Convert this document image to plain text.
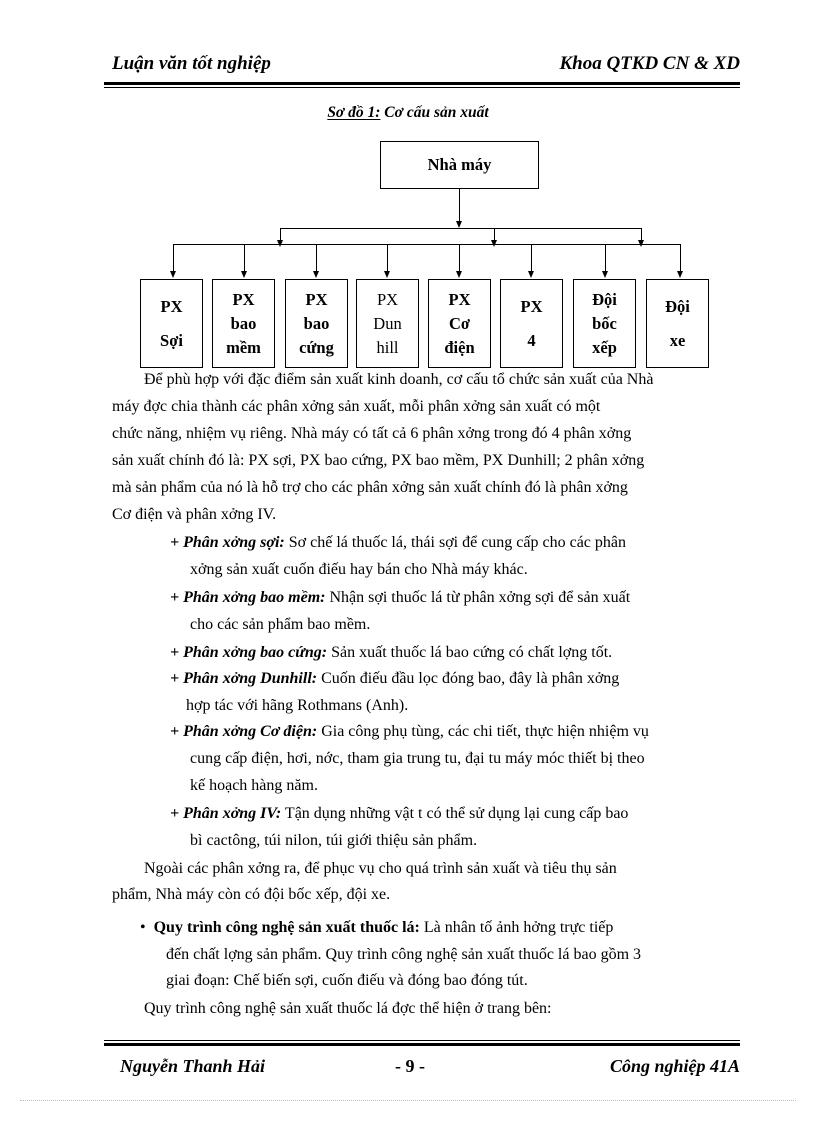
Luận văn tốt nghiệp	Khoa QTKD CN & XD
Sơ đồ 1: Cơ cấu sản xuất
Nhà máy
PX
Sợi
PX
bao
mềm
PX
bao
cứng
PX
Dun
hill
PX
Cơ
điện
PX
4
Đội
bốc
xếp
Đội
xe
Để phù hợp với đặc điểm sản xuất kinh doanh, cơ cấu tổ chức sản xuất của Nhà
máy đợc chia thành các phân xởng sản xuất, mỗi phân xởng sản xuất có một
chức năng, nhiệm vụ riêng. Nhà máy có tất cả 6 phân xởng trong đó 4 phân xởng
sản xuất chính đó là: PX sợi, PX bao cứng, PX bao mềm, PX Dunhill; 2 phân xởng
mà sản phẩm của nó là hỗ trợ cho các phân xởng sản xuất chính đó là phân xởng
Cơ điện và phân xởng IV.
+ Phân xởng sợi: Sơ chế lá thuốc lá, thái sợi để cung cấp cho các phân
xởng sản xuất cuốn điếu hay bán cho Nhà máy khác.
+ Phân xởng bao mềm: Nhận sợi thuốc lá từ phân xởng sợi để sản xuất
cho các sản phẩm bao mềm.
+ Phân xởng bao cứng: Sản xuất thuốc lá bao cứng có chất lợng tốt.
+ Phân xởng Dunhill: Cuốn điếu đầu lọc đóng bao, đây là phân xởng
hợp tác với hãng Rothmans (Anh).
+ Phân xởng Cơ điện: Gia công phụ tùng, các chi tiết, thực hiện nhiệm vụ
cung cấp điện, hơi, nớc, tham gia trung tu, đại tu máy móc thiết bị theo
kế hoạch hàng năm.
+ Phân xởng IV: Tận dụng những vật t có thể sử dụng lại cung cấp bao
bì cactông, túi nilon, túi giới thiệu sản phẩm.
Ngoài các phân xởng ra, để phục vụ cho quá trình sản xuất và tiêu thụ sản
phẩm, Nhà máy còn có đội bốc xếp, đội xe.
• Quy trình công nghệ sản xuất thuốc lá: Là nhân tố ảnh hởng trực tiếp
đến chất lợng sản phẩm. Quy trình công nghệ sản xuất thuốc lá bao gồm 3
giai đoạn: Chế biến sợi, cuốn điếu và đóng bao đóng tút.
Quy trình công nghệ sản xuất thuốc lá đợc thể hiện ở trang bên:
Nguyễn Thanh Hải	- 9 -	Công nghiệp 41A
